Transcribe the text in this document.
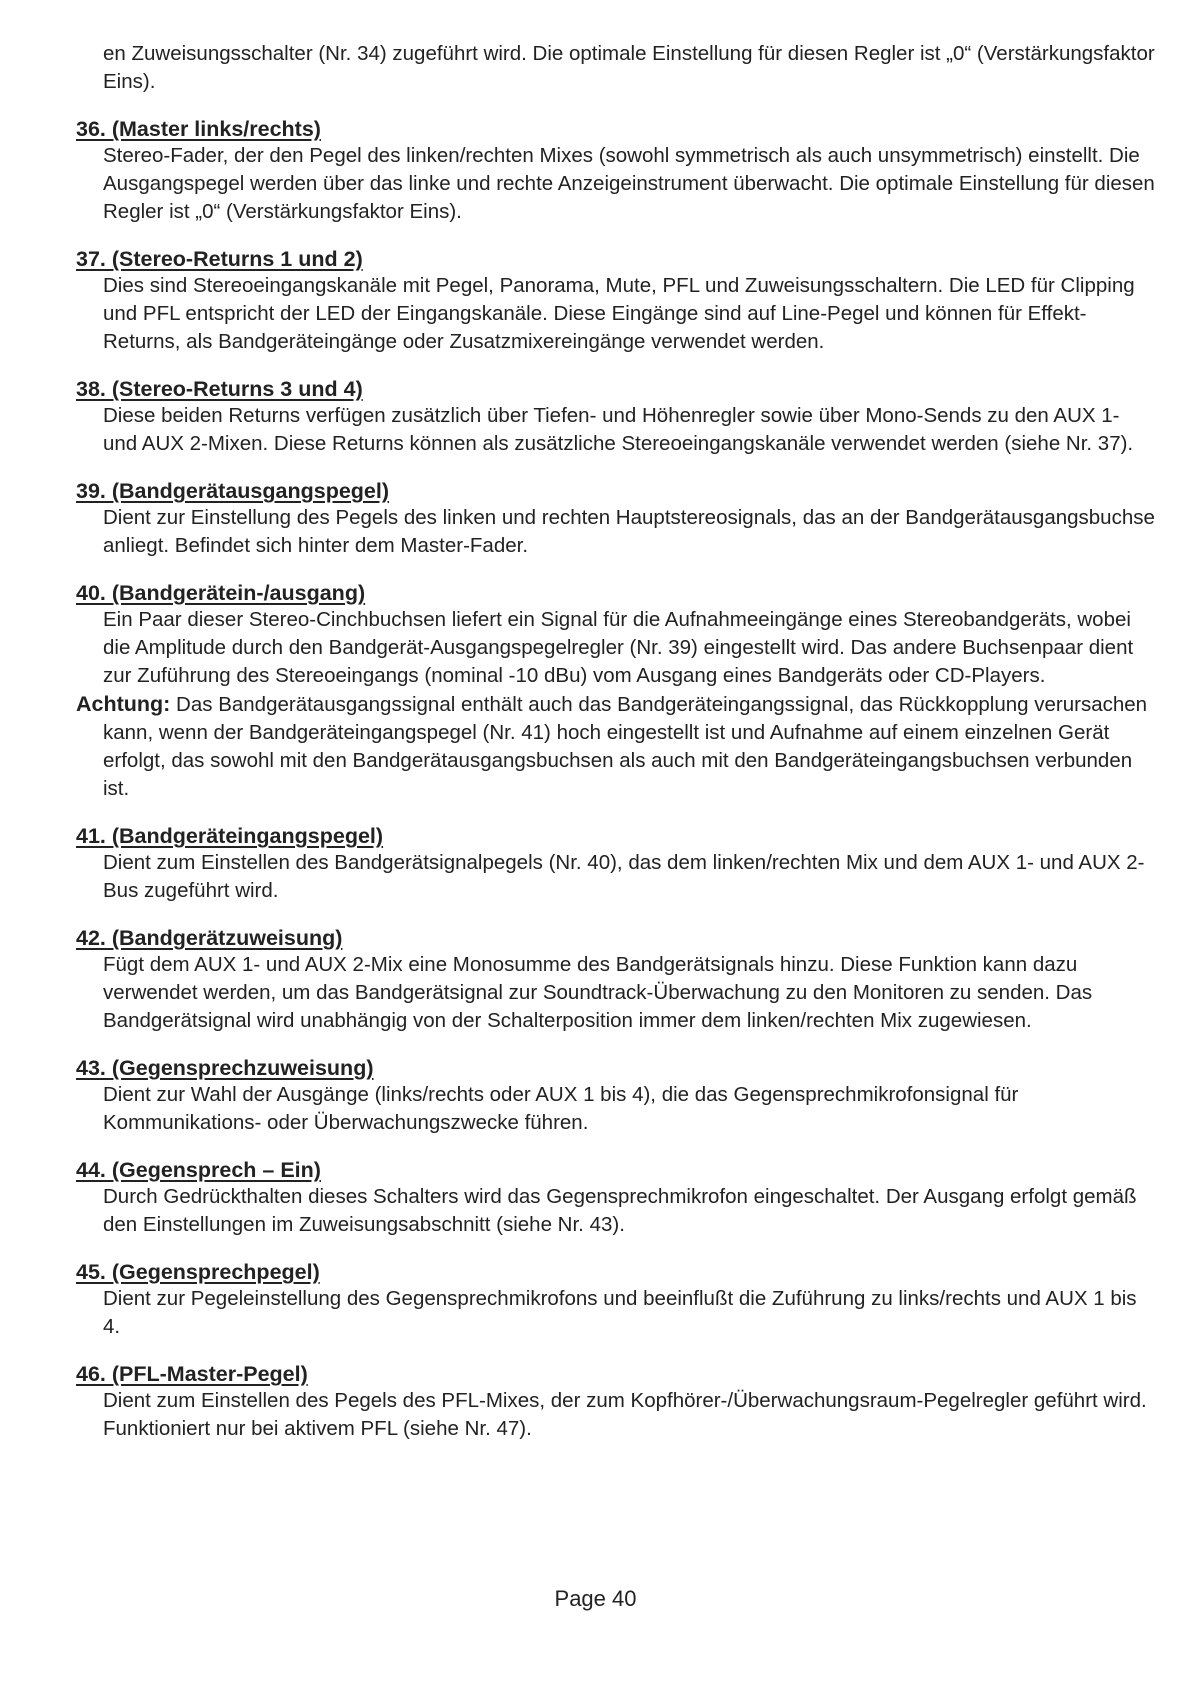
en Zuweisungsschalter (Nr. 34) zugeführt wird. Die optimale Einstellung für diesen Regler ist „0“ (Verstärkungsfaktor Eins).

36. (Master links/rechts)

Stereo-Fader, der den Pegel des linken/rechten Mixes (sowohl symmetrisch als auch unsymmetrisch) einstellt. Die Ausgangspegel werden über das linke und rechte Anzeigeinstrument überwacht. Die optimale Einstellung für diesen Regler ist „0“ (Verstärkungsfaktor Eins).

37. (Stereo-Returns 1 und 2)

Dies sind Stereoeingangskanäle mit Pegel, Panorama, Mute, PFL und Zuweisungsschaltern. Die LED für Clipping und PFL entspricht der LED der Eingangskanäle. Diese Eingänge sind auf Line-Pegel und können für Effekt-Returns, als Bandgeräteingänge oder Zusatzmixereingänge verwendet werden.

38. (Stereo-Returns 3 und 4)

Diese beiden Returns verfügen zusätzlich über Tiefen- und Höhenregler sowie über Mono-Sends zu den AUX 1- und AUX 2-Mixen. Diese Returns können als zusätzliche Stereoeingangskanäle verwendet werden (siehe Nr. 37).

39. (Bandgerätausgangspegel)

Dient zur Einstellung des Pegels des linken und rechten Hauptstereosignals, das an der Bandgerätausgangsbuchse anliegt. Befindet sich hinter dem Master-Fader.

40. (Bandgerätein-/ausgang)

Ein Paar dieser Stereo-Cinchbuchsen liefert ein Signal für die Aufnahmeeingänge eines Stereobandgeräts, wobei die Amplitude durch den Bandgerät-Ausgangspegelregler (Nr. 39) eingestellt wird. Das andere Buchsenpaar dient zur Zuführung des Stereoeingangs (nominal -10 dBu) vom Ausgang eines Bandgeräts oder CD-Players.

Achtung: Das Bandgerätausgangssignal enthält auch das Bandgeräteingangssignal, das Rückkopplung verursachen kann, wenn der Bandgeräteingangspegel (Nr. 41) hoch eingestellt ist und Aufnahme auf einem einzelnen Gerät erfolgt, das sowohl mit den Bandgerätausgangsbuchsen als auch mit den Bandgeräteingangsbuchsen verbunden ist.

41. (Bandgeräteingangspegel)

Dient zum Einstellen des Bandgerätsignalpegels (Nr. 40), das dem linken/rechten Mix und dem AUX 1- und AUX 2-Bus zugeführt wird.

42. (Bandgerätzuweisung)

Fügt dem AUX 1- und AUX 2-Mix eine Monosumme des Bandgerätsignals hinzu. Diese Funktion kann dazu verwendet werden, um das Bandgerätsignal zur Soundtrack-Überwachung zu den Monitoren zu senden. Das Bandgerätsignal wird unabhängig von der Schalterposition immer dem linken/rechten Mix zugewiesen.

43. (Gegensprechzuweisung)

Dient zur Wahl der Ausgänge (links/rechts oder AUX 1 bis 4), die das Gegensprechmikrofonsignal für Kommunikations- oder Überwachungszwecke führen.

44. (Gegensprech – Ein)

Durch Gedrückthalten dieses Schalters wird das Gegensprechmikrofon eingeschaltet. Der Ausgang erfolgt gemäß den Einstellungen im Zuweisungsabschnitt (siehe Nr. 43).

45. (Gegensprechpegel)

Dient zur Pegeleinstellung des Gegensprechmikrofons und beeinflußt die Zuführung zu links/rechts und AUX 1 bis 4.

46. (PFL-Master-Pegel)

Dient zum Einstellen des Pegels des PFL-Mixes, der zum Kopfhörer-/Überwachungsraum-Pegelregler geführt wird. Funktioniert nur bei aktivem PFL (siehe Nr. 47).

Page 40
